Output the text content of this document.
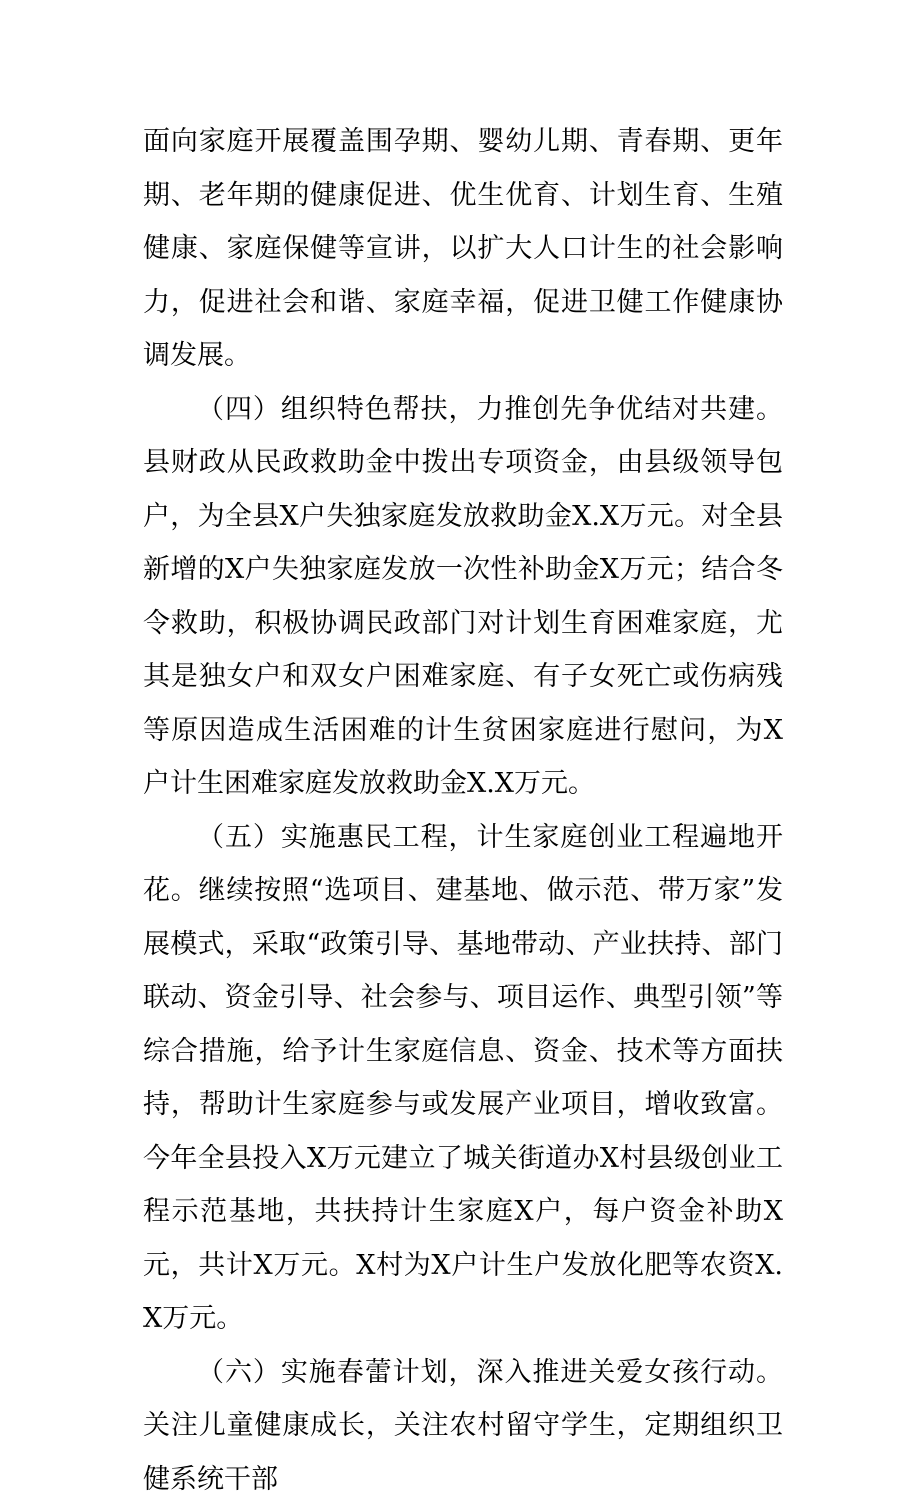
面向家庭开展覆盖围孕期、婴幼儿期、青春期、更年期、老年期的健康促进、优生优育、计划生育、生殖健康、家庭保健等宣讲，以扩大人口计生的社会影响力，促进社会和谐、家庭幸福，促进卫健工作健康协调发展。

（四）组织特色帮扶，力推创先争优结对共建。县财政从民政救助金中拨出专项资金，由县级领导包户，为全县X户失独家庭发放救助金X.X万元。对全县新增的X户失独家庭发放一次性补助金X万元；结合冬令救助，积极协调民政部门对计划生育困难家庭，尤其是独女户和双女户困难家庭、有子女死亡或伤病残等原因造成生活困难的计生贫困家庭进行慰问，为X户计生困难家庭发放救助金X.X万元。

（五）实施惠民工程，计生家庭创业工程遍地开花。继续按照“选项目、建基地、做示范、带万家”发展模式，采取“政策引导、基地带动、产业扶持、部门联动、资金引导、社会参与、项目运作、典型引领”等综合措施，给予计生家庭信息、资金、技术等方面扶持，帮助计生家庭参与或发展产业项目，增收致富。今年全县投入X万元建立了城关街道办X村县级创业工程示范基地，共扶持计生家庭X户，每户资金补助X元，共计X万元。X村为X户计生户发放化肥等农资X.X万元。

（六）实施春蕾计划，深入推进关爱女孩行动。关注儿童健康成长，关注农村留守学生，定期组织卫健系统干部
